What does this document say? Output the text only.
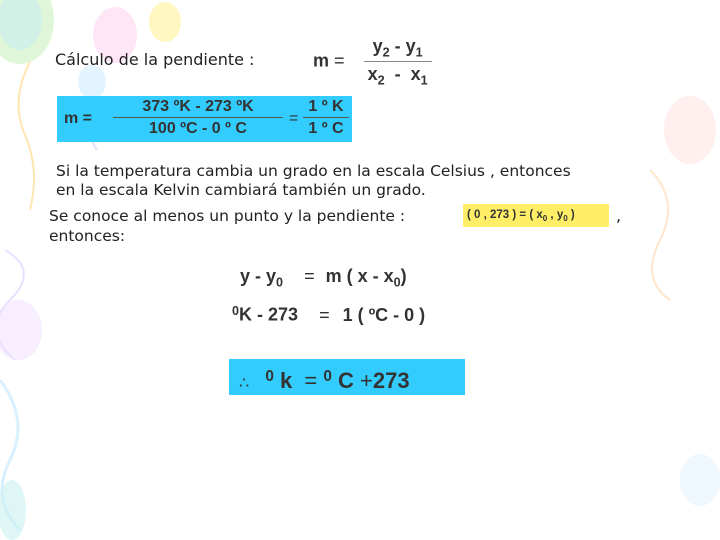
Cálculo de la pendiente :	$m = \frac{y_2 - y_1}{x_2 - x_1}$
m =
373 ºK - 273 ºK
100 ºC - 0 º C
=
1 º K
1 º C
Si la temperatura cambia un grado en la escala Celsius , entonces
en la escala Kelvin cambiará también un grado.
Se conoce al menos un punto y la pendiente :
entonces:
( 0 , 273 ) = ( $x_0$ , $y_0$ )	,
$y - y_0 = m$ ( x - $x_0$)
$^0$K - 273 = 1 ( ºC - 0 )
∴ $^0$ k = $^0$ C +273
